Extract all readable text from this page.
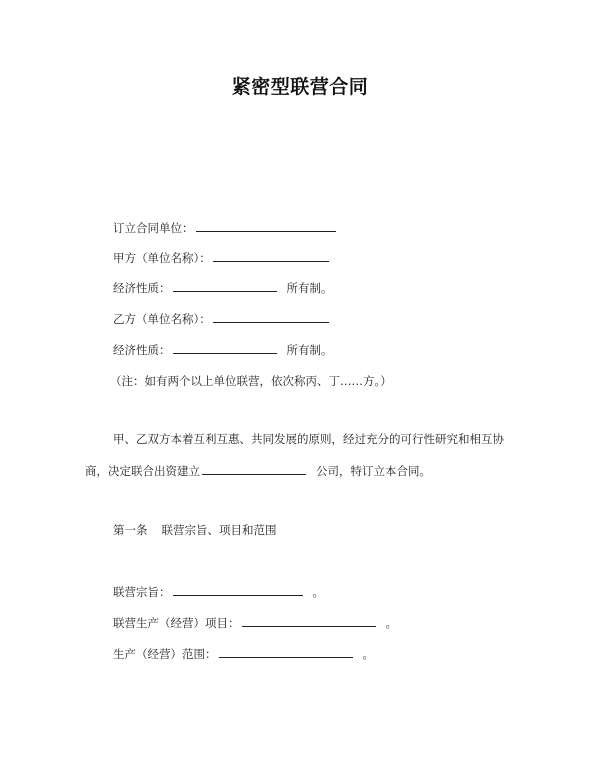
紧密型联营合同
订立合同单位：
甲方（单位名称）：
经济性质：	所有制。
乙方（单位名称）：
经济性质：	所有制。
（注：如有两个以上单位联营，依次称丙、丁……方。）
甲、乙双方本着互利互惠、共同发展的原则，经过充分的可行性研究和相互协
商，决定联合出资建立	公司，特订立本合同。
第一条 联营宗旨、项目和范围
联营宗旨：	。
联营生产（经营）项目：	。
生产（经营）范围：	。
